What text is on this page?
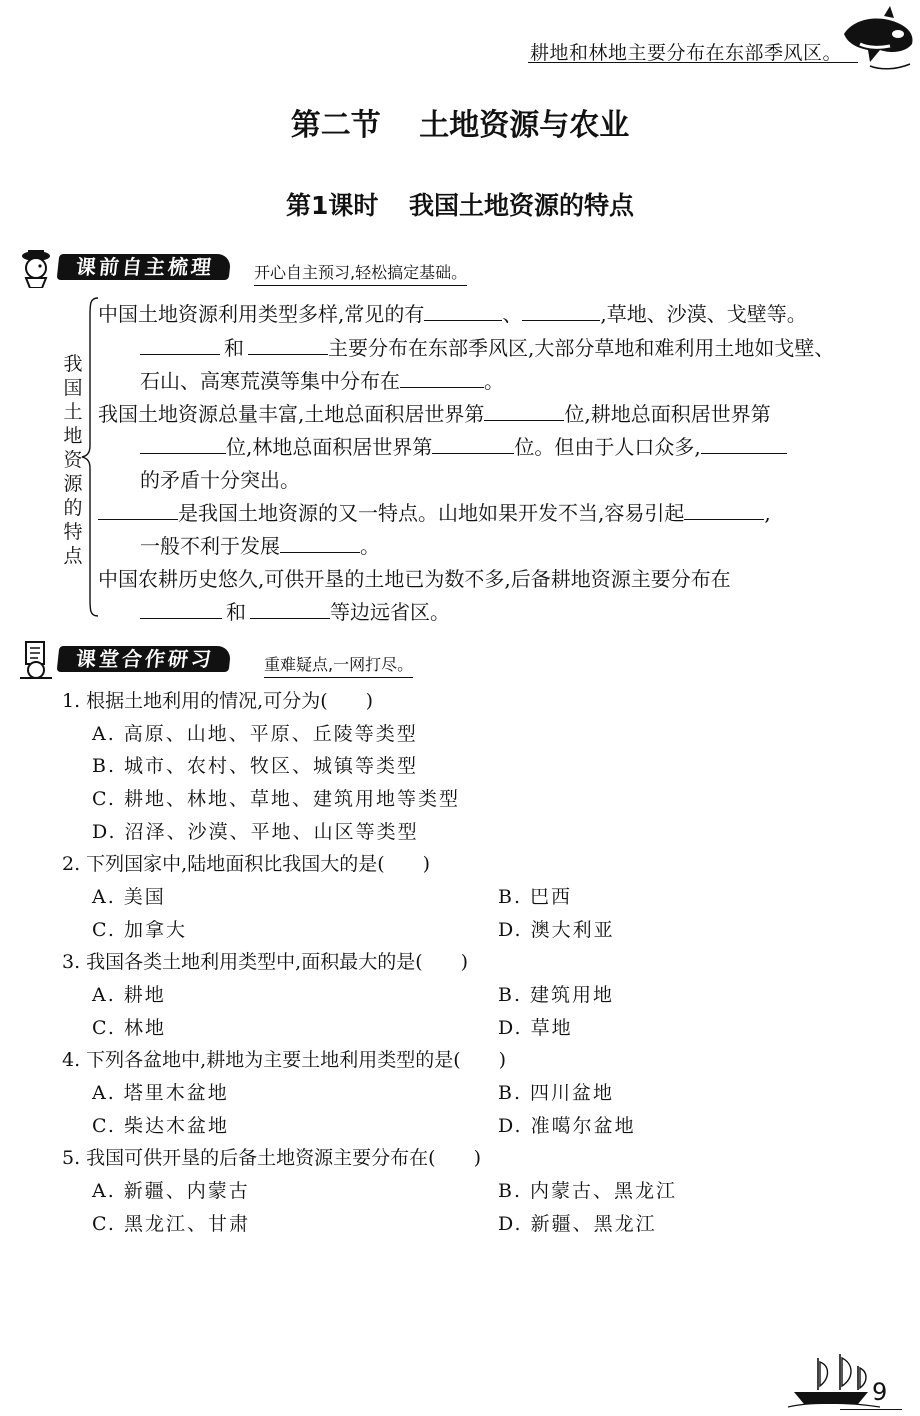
耕地和林地主要分布在东部季风区。
第二节 土地资源与农业
第1课时 我国土地资源的特点
课前自主梳理	开心自主预习,轻松搞定基础。
我国土地资源的特点
中国土地资源利用类型多样,常见的有	、	,草地、沙漠、戈壁等。
和	主要分布在东部季风区,大部分草地和难利用土地如戈壁、
石山、高寒荒漠等集中分布在	。
我国土地资源总量丰富,土地总面积居世界第	位,耕地总面积居世界第
位,林地总面积居世界第	位。但由于人口众多,
的矛盾十分突出。
是我国土地资源的又一特点。山地如果开发不当,容易引起	,
一般不利于发展	。
中国农耕历史悠久,可供开垦的土地已为数不多,后备耕地资源主要分布在
和	等边远省区。
课堂合作研习	重难疑点,一网打尽。
1. 根据土地利用的情况,可分为(　　)
A. 高原、山地、平原、丘陵等类型
B. 城市、农村、牧区、城镇等类型
C. 耕地、林地、草地、建筑用地等类型
D. 沼泽、沙漠、平地、山区等类型
2. 下列国家中,陆地面积比我国大的是(　　)
A. 美国	B. 巴西
C. 加拿大	D. 澳大利亚
3. 我国各类土地利用类型中,面积最大的是(　　)
A. 耕地	B. 建筑用地
C. 林地	D. 草地
4. 下列各盆地中,耕地为主要土地利用类型的是(　　)
A. 塔里木盆地	B. 四川盆地
C. 柴达木盆地	D. 准噶尔盆地
5. 我国可供开垦的后备土地资源主要分布在(　　)
A. 新疆、内蒙古	B. 内蒙古、黑龙江
C. 黑龙江、甘肃	D. 新疆、黑龙江
9
